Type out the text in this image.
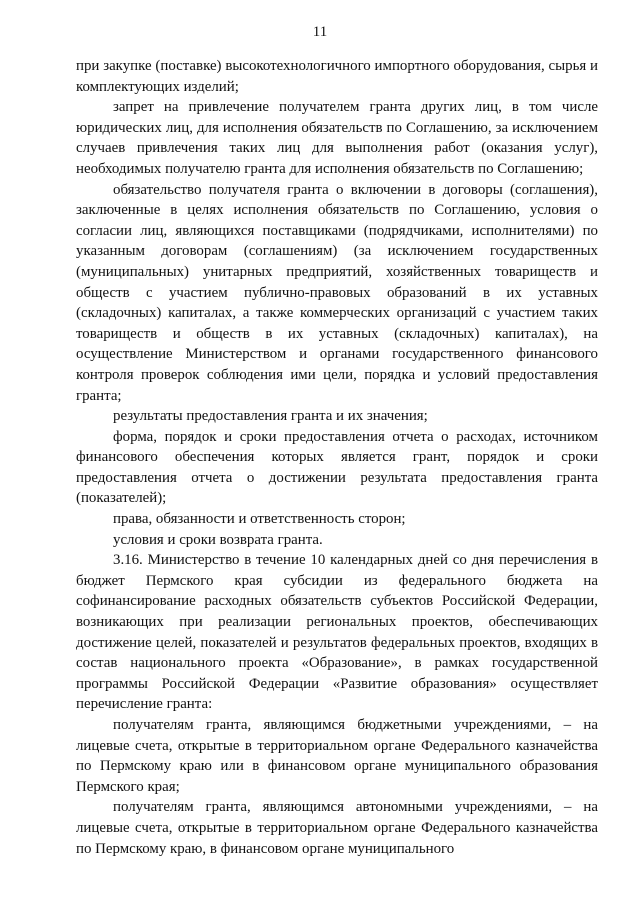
11

при закупке (поставке) высокотехнологичного импортного оборудования, сырья и комплектующих изделий;

запрет на привлечение получателем гранта других лиц, в том числе юридических лиц, для исполнения обязательств по Соглашению, за исключением случаев привлечения таких лиц для выполнения работ (оказания услуг), необходимых получателю гранта для исполнения обязательств по Соглашению;

обязательство получателя гранта о включении в договоры (соглашения), заключенные в целях исполнения обязательств по Соглашению, условия о согласии лиц, являющихся поставщиками (подрядчиками, исполнителями) по указанным договорам (соглашениям) (за исключением государственных (муниципальных) унитарных предприятий, хозяйственных товариществ и обществ с участием публично-правовых образований в их уставных (складочных) капиталах, а также коммерческих организаций с участием таких товариществ и обществ в их уставных (складочных) капиталах), на осуществление Министерством и органами государственного финансового контроля проверок соблюдения ими цели, порядка и условий предоставления гранта;

результаты предоставления гранта и их значения;

форма, порядок и сроки предоставления отчета о расходах, источником финансового обеспечения которых является грант, порядок и сроки предоставления отчета о достижении результата предоставления гранта (показателей);

права, обязанности и ответственность сторон;

условия и сроки возврата гранта.

3.16. Министерство в течение 10 календарных дней со дня перечисления в бюджет Пермского края субсидии из федерального бюджета на софинансирование расходных обязательств субъектов Российской Федерации, возникающих при реализации региональных проектов, обеспечивающих достижение целей, показателей и результатов федеральных проектов, входящих в состав национального проекта «Образование», в рамках государственной программы Российской Федерации «Развитие образования» осуществляет перечисление гранта:

получателям гранта, являющимся бюджетными учреждениями, – на лицевые счета, открытые в территориальном органе Федерального казначейства по Пермскому краю или в финансовом органе муниципального образования Пермского края;

получателям гранта, являющимся автономными учреждениями, – на лицевые счета, открытые в территориальном органе Федерального казначейства по Пермскому краю, в финансовом органе муниципального
